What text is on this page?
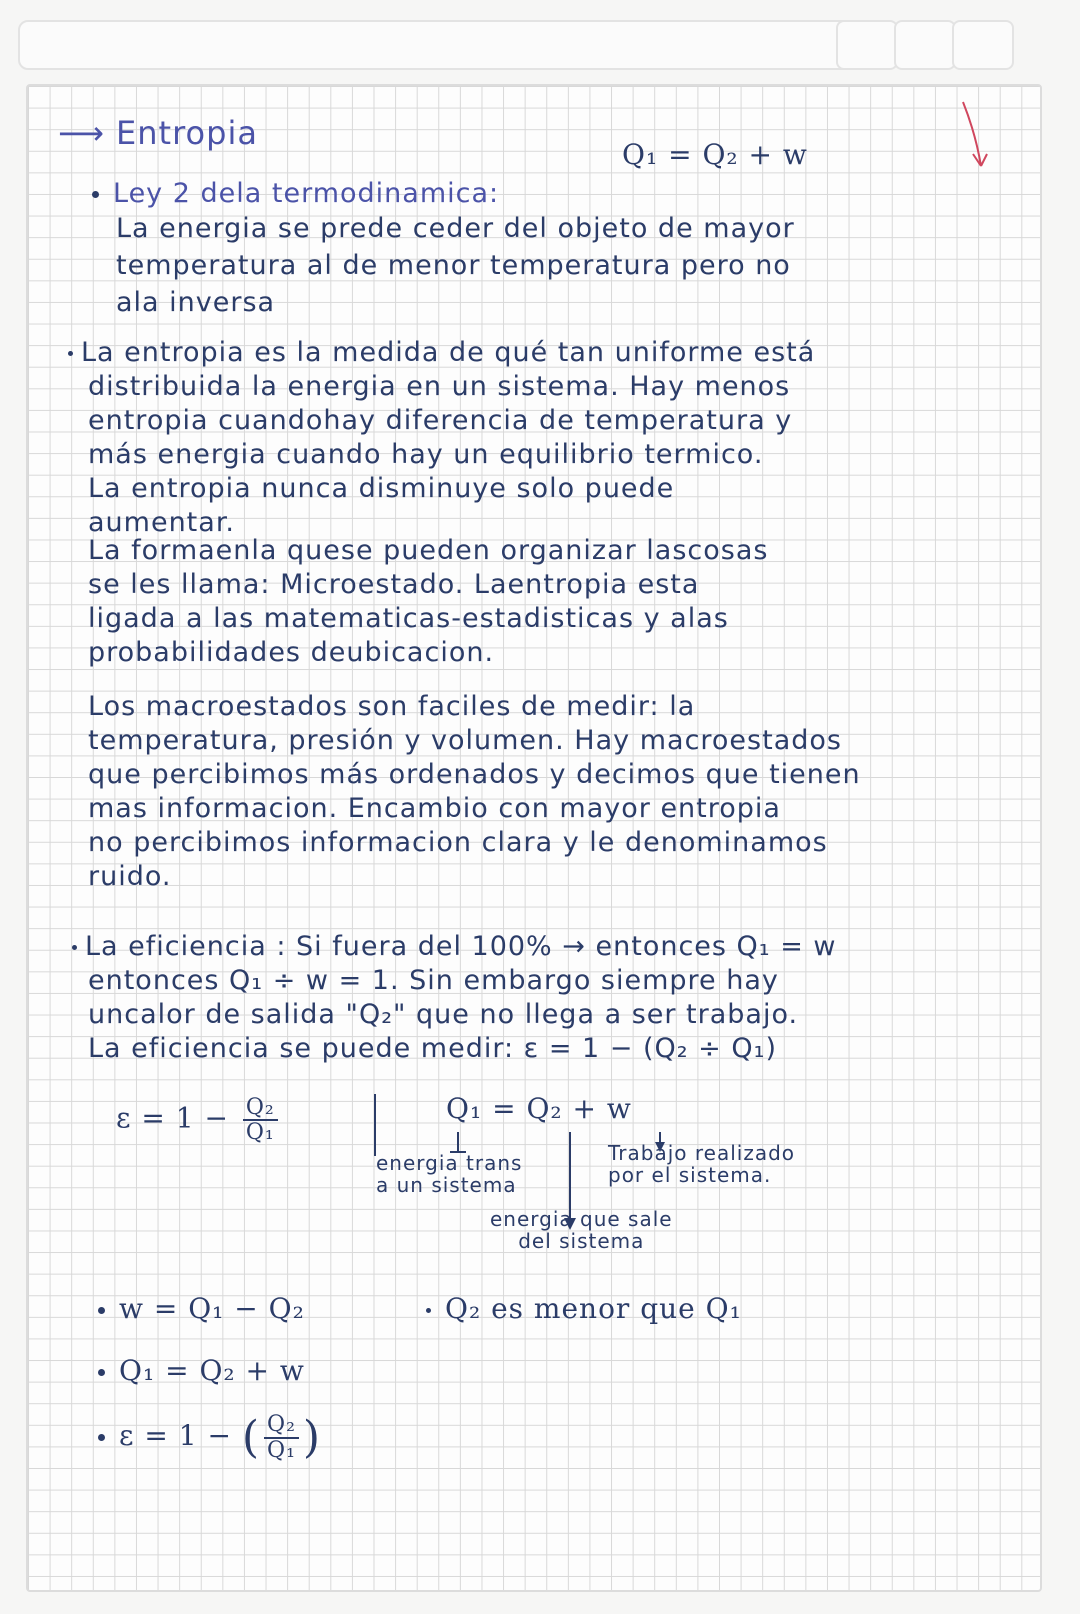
⟶ Entropia
Q₁ = Q₂ + w
Ley 2 dela termodinamica:
La energia se prede ceder del objeto de mayor
temperatura al de menor temperatura pero no
ala inversa
La entropia es la medida de qué tan uniforme está
distribuida la energia en un sistema. Hay menos
entropia cuandohay diferencia de temperatura y
más energia cuando hay un equilibrio termico.
La entropia nunca disminuye solo puede
aumentar.
La formaenla quese pueden organizar lascosas
se les llama: Microestado. Laentropia esta
ligada a las matematicas-estadisticas y alas
probabilidades deubicacion.
Los macroestados son faciles de medir: la
temperatura, presión y volumen. Hay macroestados
que percibimos más ordenados y decimos que tienen
mas informacion. Encambio con mayor entropia
no percibimos informacion clara y le denominamos
ruido.
La eficiencia : Si fuera del 100% → entonces Q₁ = w
entonces Q₁ ÷ w = 1. Sin embargo siempre hay
uncalor de salida "Q₂" que no llega a ser trabajo.
La eficiencia se puede medir: ε = 1 − (Q₂ ÷ Q₁)
$\varepsilon = 1 - \frac{\text{Q₂}}{\text{Q₁}}$	Q₁ = Q₂ + w
energia trans
a un sistema
Trabajo realizado
por el sistema.
energia que sale
del sistema
w = Q₁ − Q₂	Q₂ es menor que Q₁
Q₁ = Q₂ + w
ε = 1 − ( $\frac{\text{Q₂}}{\text{Q₁}}$ )
